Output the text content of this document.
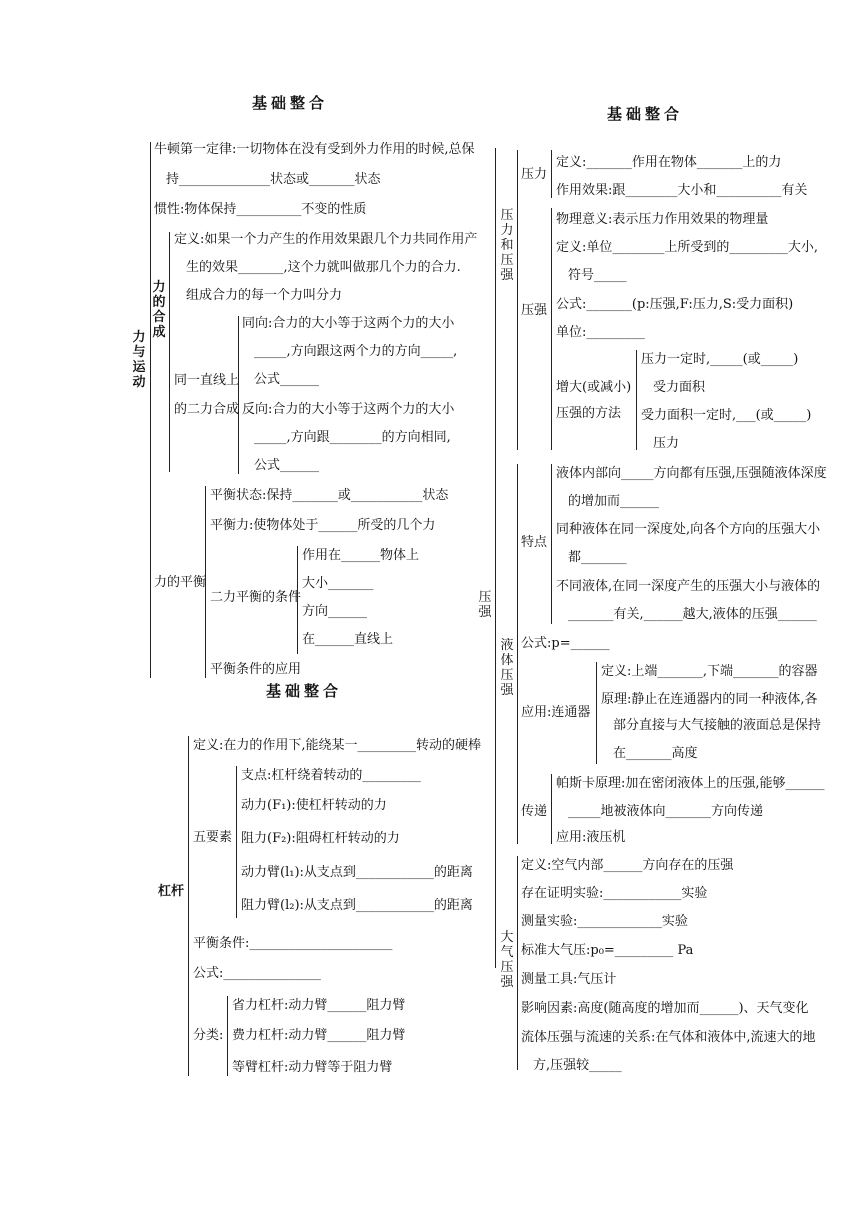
基础整合
基础整合
基础整合
力与运动
牛顿第一定律:一切物体在没有受到外力作用的时候,总保
持______________状态或_______状态
惯性:物体保持__________不变的性质
力的合成
定义:如果一个力产生的作用效果跟几个力共同作用产
生的效果_______,这个力就叫做那几个力的合力.
组成合力的每一个力叫分力
同一直线上
的二力合成
同向:合力的大小等于这两个力的大小
_____,方向跟这两个力的方向_____,
公式______
反向:合力的大小等于这两个力的大小
_____,方向跟________的方向相同,
公式______
力的平衡
平衡状态:保持_______或___________状态
平衡力:使物体处于______所受的几个力
二力平衡的条件
作用在______物体上
大小_______
方向______
在______直线上
平衡条件的应用
杠杆
定义:在力的作用下,能绕某一_________转动的硬棒
五要素
支点:杠杆绕着转动的_________
动力(F₁):使杠杆转动的力
阻力(F₂):阻碍杠杆转动的力
动力臂(l₁):从支点到____________的距离
阻力臂(l₂):从支点到____________的距离
平衡条件:______________________
公式:_______________
分类:
省力杠杆:动力臂______阻力臂
费力杠杆:动力臂______阻力臂
等臂杠杆:动力臂等于阻力臂
压力和压强
压力
定义:_______作用在物体_______上的力
作用效果:跟________大小和__________有关
压强
物理意义:表示压力作用效果的物理量
定义:单位________上所受到的_________大小,
符号_____
公式:_______(p:压强,F:压力,S:受力面积)
单位:_________
增大(或减小)
压强的方法
压力一定时,_____(或_____)
受力面积
受力面积一定时,___(或_____)
压力
压强
液体压强
特点
液体内部向_____方向都有压强,压强随液体深度
的增加而______
同种液体在同一深度处,向各个方向的压强大小
都_______
不同液体,在同一深度产生的压强大小与液体的
_______有关,______越大,液体的压强______
公式:p=______
应用:连通器
定义:上端_______,下端_______的容器
原理:静止在连通器内的同一种液体,各
部分直接与大气接触的液面总是保持
在_______高度
传递
帕斯卡原理:加在密闭液体上的压强,能够______
_____地被液体向_______方向传递
应用:液压机
大气压强
定义:空气内部______方向存在的压强
存在证明实验:____________实验
测量实验:_____________实验
标准大气压:p₀=_________ Pa
测量工具:气压计
影响因素:高度(随高度的增加而______)、天气变化
流体压强与流速的关系:在气体和液体中,流速大的地
方,压强较_____
